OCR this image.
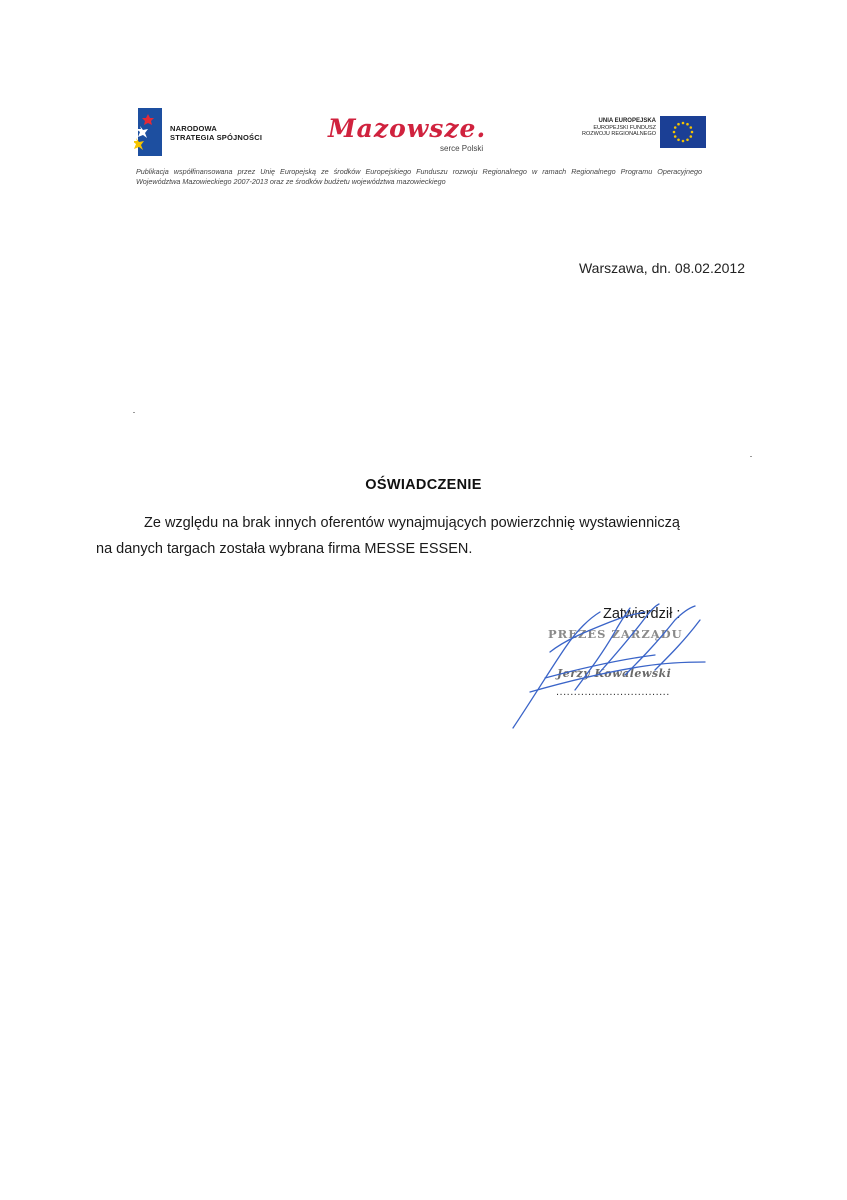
NARODOWA
STRATEGIA SPÓJNOŚCI	Mazowsze.
serce Polski
UNIA EUROPEJSKA
EUROPEJSKI FUNDUSZ
ROZWOJU REGIONALNEGO
Publikacja współfinansowana przez Unię Europejską ze środków Europejskiego Funduszu rozwoju Regionalnego w ramach Regionalnego Programu Operacyjnego Województwa Mazowieckiego 2007-2013 oraz ze środków budżetu województwa mazowieckiego
Warszawa, dn. 08.02.2012
OŚWIADCZENIE
Ze względu na brak innych oferentów wynajmujących powierzchnię wystawienniczą
na danych targach została wybrana firma MESSE ESSEN.
Zatwierdził :
PREZES ZARZĄDU
Jerzy Kowalewski
................................
